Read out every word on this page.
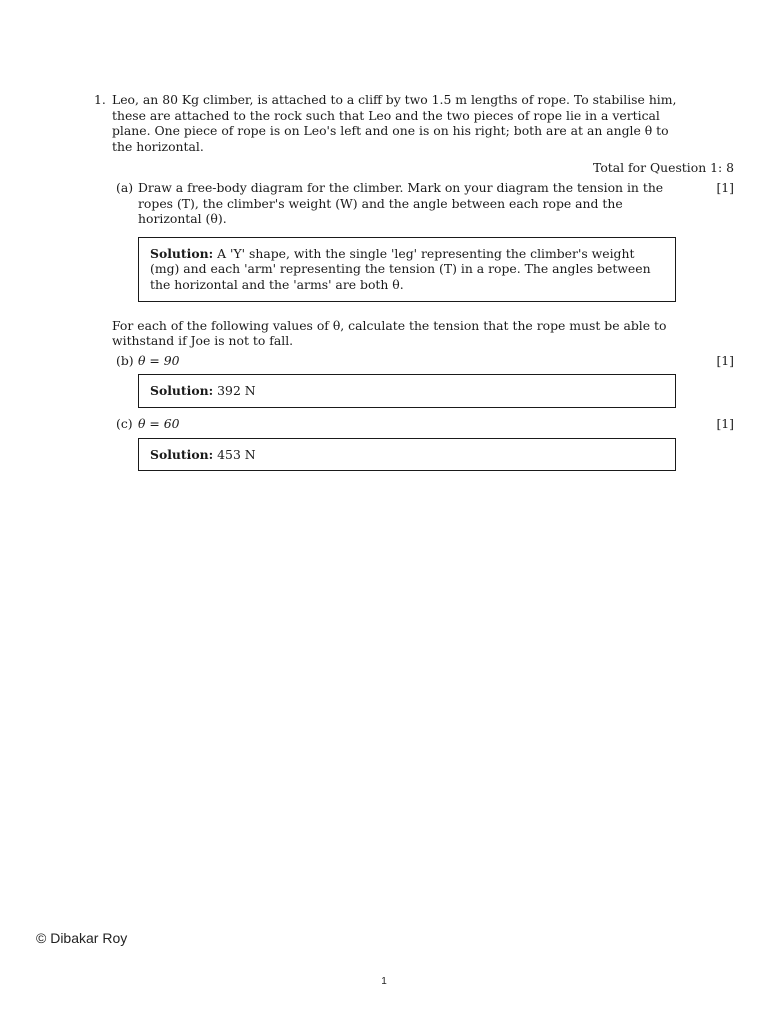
1. Leo, an 80 Kg climber, is attached to a cliff by two 1.5 m lengths of rope. To stabilise him, these are attached to the rock such that Leo and the two pieces of rope lie in a vertical plane. One piece of rope is on Leo's left and one is on his right; both are at an angle θ to the horizontal.
Total for Question 1: 8
(a) Draw a free-body diagram for the climber. Mark on your diagram the tension in the ropes (T), the climber's weight (W) and the angle between each rope and the horizontal (θ).
[1]
Solution: A 'Y' shape, with the single 'leg' representing the climber's weight (mg) and each 'arm' representing the tension (T) in a rope. The angles between the horizontal and the 'arms' are both θ.
For each of the following values of θ, calculate the tension that the rope must be able to withstand if Joe is not to fall.
(b) θ = 90	[1]
Solution: 392 N
(c) θ = 60	[1]
Solution: 453 N
© Dibakar Roy
1
